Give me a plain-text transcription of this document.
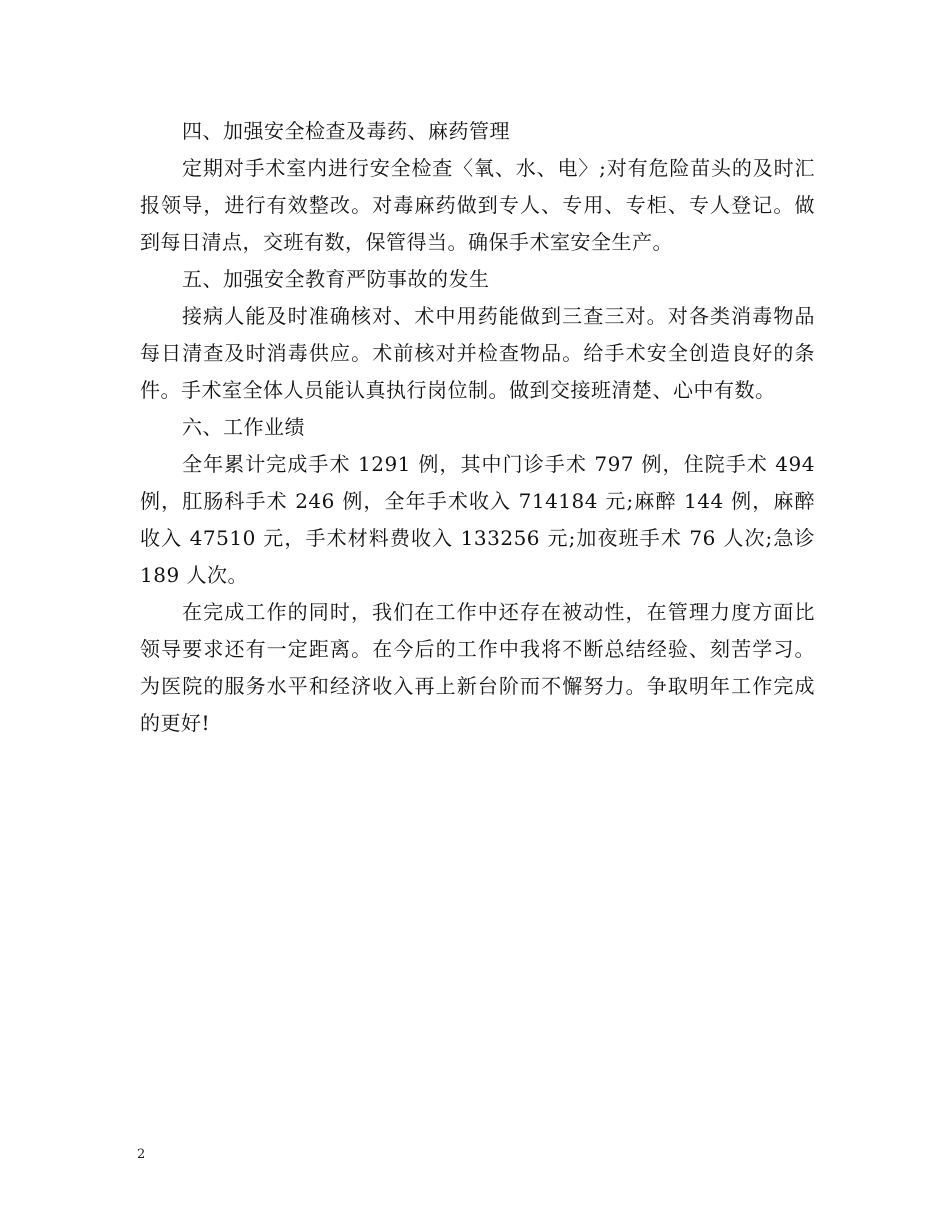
四、加强安全检查及毒药、麻药管理

定期对手术室内进行安全检查〈氧、水、电〉;对有危险苗头的及时汇报领导，进行有效整改。对毒麻药做到专人、专用、专柜、专人登记。做到每日清点，交班有数，保管得当。确保手术室安全生产。

五、加强安全教育严防事故的发生

接病人能及时准确核对、术中用药能做到三查三对。对各类消毒物品每日清查及时消毒供应。术前核对并检查物品。给手术安全创造良好的条件。手术室全体人员能认真执行岗位制。做到交接班清楚、心中有数。

六、工作业绩

全年累计完成手术 1291 例，其中门诊手术 797 例，住院手术 494 例，肛肠科手术 246 例，全年手术收入 714184 元;麻醉 144 例，麻醉收入 47510 元，手术材料费收入 133256 元;加夜班手术 76 人次;急诊 189 人次。

在完成工作的同时，我们在工作中还存在被动性，在管理力度方面比领导要求还有一定距离。在今后的工作中我将不断总结经验、刻苦学习。为医院的服务水平和经济收入再上新台阶而不懈努力。争取明年工作完成的更好!

2
